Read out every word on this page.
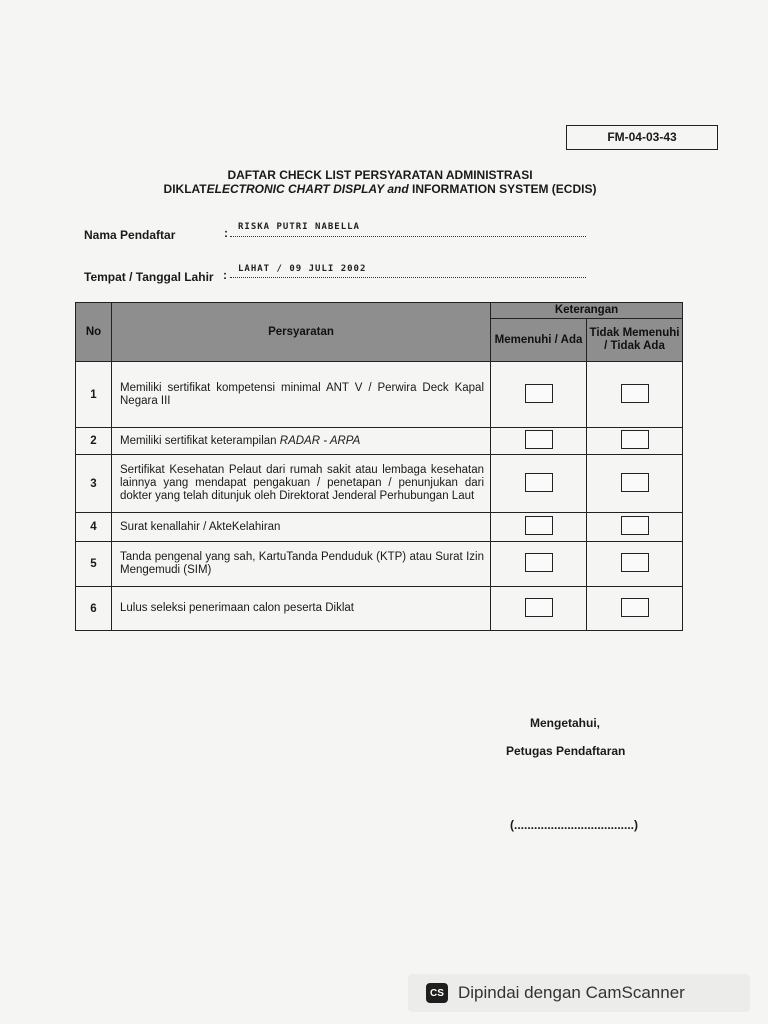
FM-04-03-43
DAFTAR CHECK LIST PERSYARATAN ADMINISTRASI
DIKLATELECTRONIC CHART DISPLAY and INFORMATION SYSTEM (ECDIS)
Nama Pendaftar	: RISKA PUTRI NABELLA
Tempat / Tanggal Lahir : LAHAT / 09 JULI 2002
No	Persyaratan	Keterangan	
		Memenuhi / Ada	Tidak Memenuhi / Tidak Ada
1	Memiliki sertifikat kompetensi minimal ANT V / Perwira Deck Kapal Negara III		
2	Memiliki sertifikat keterampilan RADAR - ARPA		
3	Sertifikat Kesehatan Pelaut dari rumah sakit atau lembaga kesehatan lainnya yang mendapat pengakuan / penetapan / penunjukan dari dokter yang telah ditunjuk oleh Direktorat Jenderal Perhubungan Laut		
4	Surat kenallahir / AkteKelahiran		
5	Tanda pengenal yang sah, KartuTanda Penduduk (KTP) atau Surat Izin Mengemudi (SIM)		
6	Lulus seleksi penerimaan calon peserta Diklat		
Mengetahui,
Petugas Pendaftaran
(....................................)
CS Dipindai dengan CamScanner
